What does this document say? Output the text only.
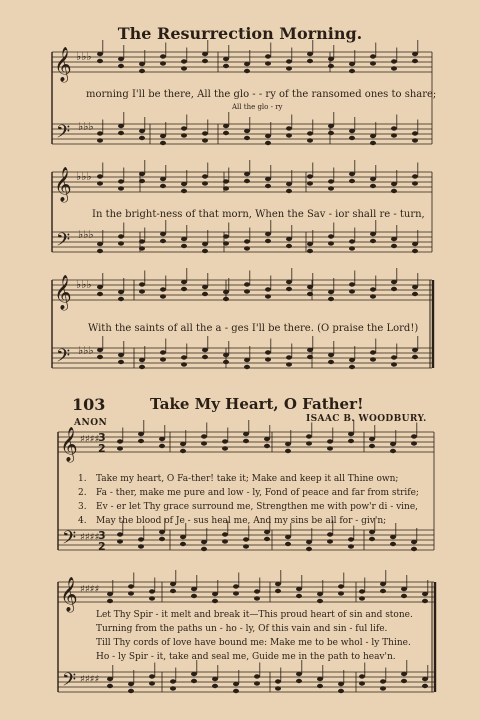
The Resurrection Morning.
𝄞
𝄢
𝄞
𝄢
𝄞
𝄢
𝄞
𝄢
𝄞
𝄢
♭♭♭
♭♭♭
♭♭♭
♭♭♭
♭♭♭
♭♭♭
♯♯♯♯
♯♯♯♯
♯♯♯♯
♯♯♯♯
3
2
3
2
morning I'll be there, All the glo - - ry of the ransomed ones to share;
All the glo - ry
In the bright-ness of that morn, When the Sav - ior shall re - turn,
With the saints of all the a - ges I'll be there. (O praise the Lord!)
103	Take My Heart, O Father!
ANON	ISAAC B. WOODBURY.
1.
2.
3.
4.
Take my heart, O Fa-ther! take it; Make and keep it all Thine own;
Fa - ther, make me pure and low - ly, Fond of peace and far from strife;
Ev - er let Thy grace surround me, Strengthen me with pow'r di - vine,
May the blood of Je - sus heal me, And my sins be all for - giv'n;
Let Thy Spir - it melt and break it—This proud heart of sin and stone.
Turning from the paths un - ho - ly, Of this vain and sin - ful life.
Till Thy cords of love have bound me: Make me to be whol - ly Thine.
Ho - ly Spir - it, take and seal me, Guide me in the path to heav'n.
